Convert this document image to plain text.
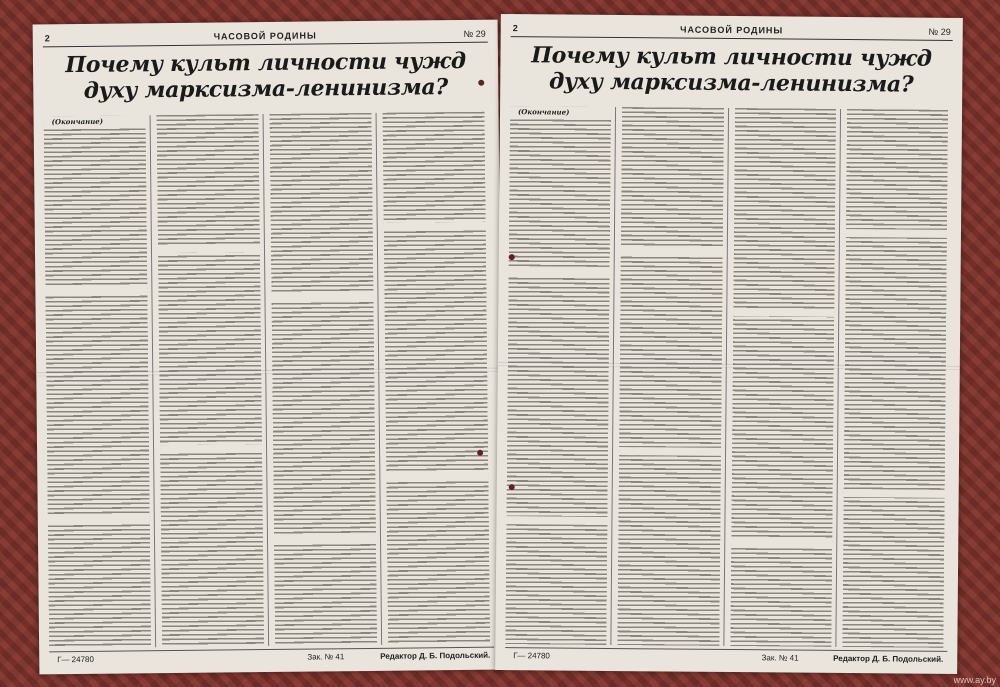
2	ЧАСОВОЙ РОДИНЫ	№ 29
Почему культ личности чужд духу марксизма-ленинизма?
(Окончание)
Г— 24780	Зак. № 41	Редактор Д. Б. Подольский.
2	ЧАСОВОЙ РОДИНЫ	№ 29
Почему культ личности чужд духу марксизма-ленинизма?
(Окончание)
Г— 24780	Зак. № 41	Редактор Д. Б. Подольский.
www.ay.by
